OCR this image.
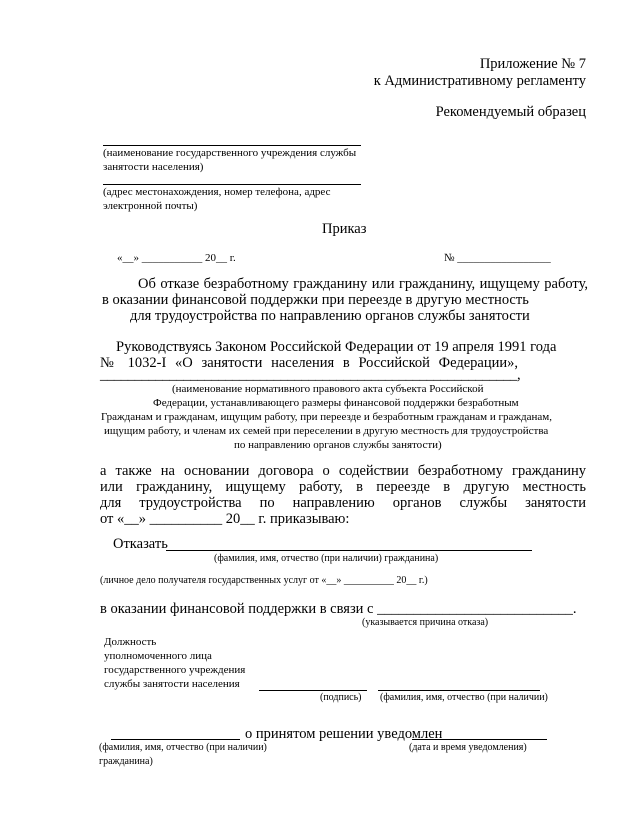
Приложение № 7
к Административному регламенту
Рекомендуемый образец
(наименование государственного учреждения службы
занятости населения)
(адрес местонахождения, номер телефона, адрес
электронной почты)
Приказ
«__» ___________ 20__ г.	№ _________________
Об отказе безработному гражданину или гражданину, ищущему работу,
в оказании финансовой поддержки при переезде в другую местность
для трудоустройства по направлению органов службы занятости
Руководствуясь Законом Российской Федерации от 19 апреля 1991 года
№ 1032-I «О занятости населения в Российской Федерации»,
____________________________________________________________,
(наименование нормативного правового акта субъекта Российской
Федерации, устанавливающего размеры финансовой поддержки безработным
Гражданам и гражданам, ищущим работу, при переезде и безработным гражданам и гражданам,
ищущим работу, и членам их семей при переселении в другую местность для трудоустройства
по направлению органов службы занятости)
а также на основании договора о содействии безработному гражданину
или гражданину, ищущему работу, в переезде в другую местность
для трудоустройства по направлению органов службы занятости
от «__» __________ 20__ г. приказываю:
Отказать
(фамилия, имя, отчество (при наличии) гражданина)
(личное дело получателя государственных услуг от «__» __________ 20__ г.)
в оказании финансовой поддержки в связи с ___________________________.
(указывается причина отказа)
Должность
уполномоченного лица
государственного учреждения
службы занятости населения
(подпись) (фамилия, имя, отчество (при наличии)
о принятом решении уведомлен
(фамилия, имя, отчество (при наличии)
гражданина)
(дата и время уведомления)
